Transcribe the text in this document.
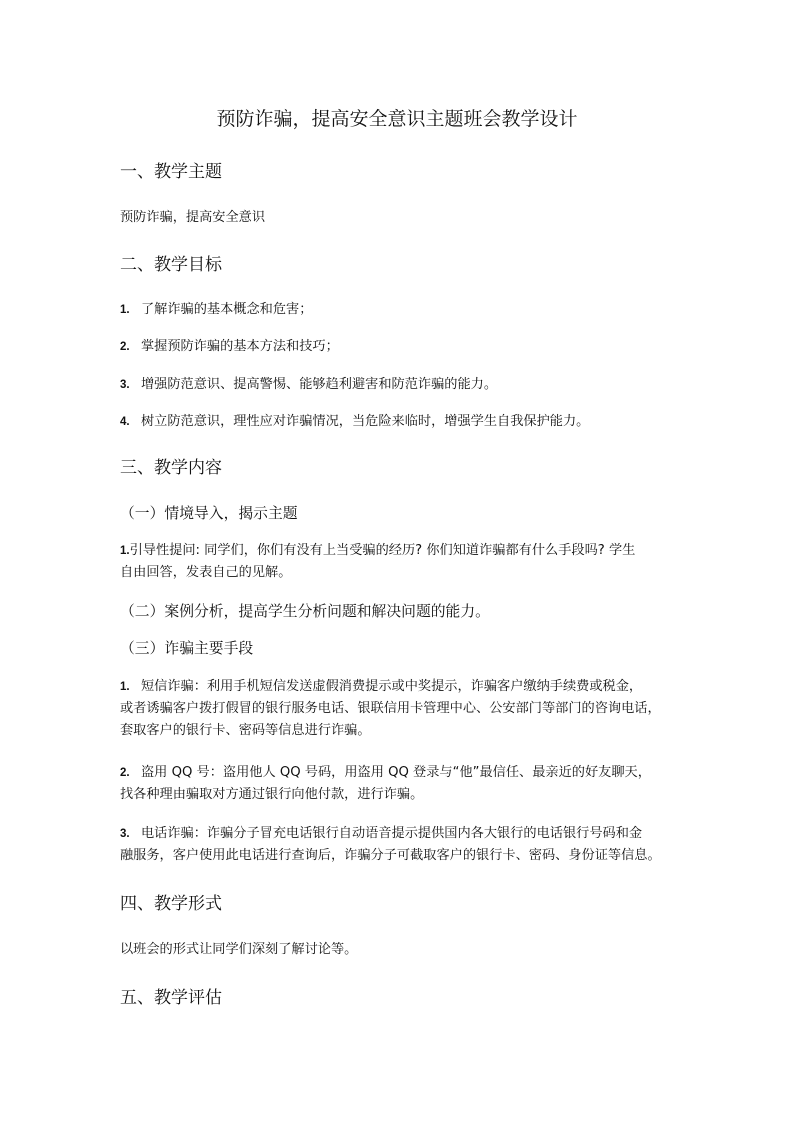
预防诈骗，提高安全意识主题班会教学设计
一、教学主题
预防诈骗，提高安全意识
二、教学目标
1. 了解诈骗的基本概念和危害；
2. 掌握预防诈骗的基本方法和技巧；
3. 增强防范意识、提高警惕、能够趋利避害和防范诈骗的能力。
4. 树立防范意识，理性应对诈骗情况，当危险来临时，增强学生自我保护能力。
三、教学内容
（一）情境导入，揭示主题
1.引导性提问: 同学们，你们有没有上当受骗的经历? 你们知道诈骗都有什么手段吗? 学生
自由回答，发表自己的见解。
（二）案例分析，提高学生分析问题和解决问题的能力。
（三）诈骗主要手段
1. 短信诈骗：利用手机短信发送虚假消费提示或中奖提示，诈骗客户缴纳手续费或税金，
或者诱骗客户拨打假冒的银行服务电话、银联信用卡管理中心、公安部门等部门的咨询电话，
套取客户的银行卡、密码等信息进行诈骗。
2. 盗用 QQ 号：盗用他人 QQ 号码，用盗用 QQ 登录与“他”最信任、最亲近的好友聊天，
找各种理由骗取对方通过银行向他付款，进行诈骗。
3. 电话诈骗：诈骗分子冒充电话银行自动语音提示提供国内各大银行的电话银行号码和金
融服务，客户使用此电话进行查询后，诈骗分子可截取客户的银行卡、密码、身份证等信息。
四、教学形式
以班会的形式让同学们深刻了解讨论等。
五、教学评估
